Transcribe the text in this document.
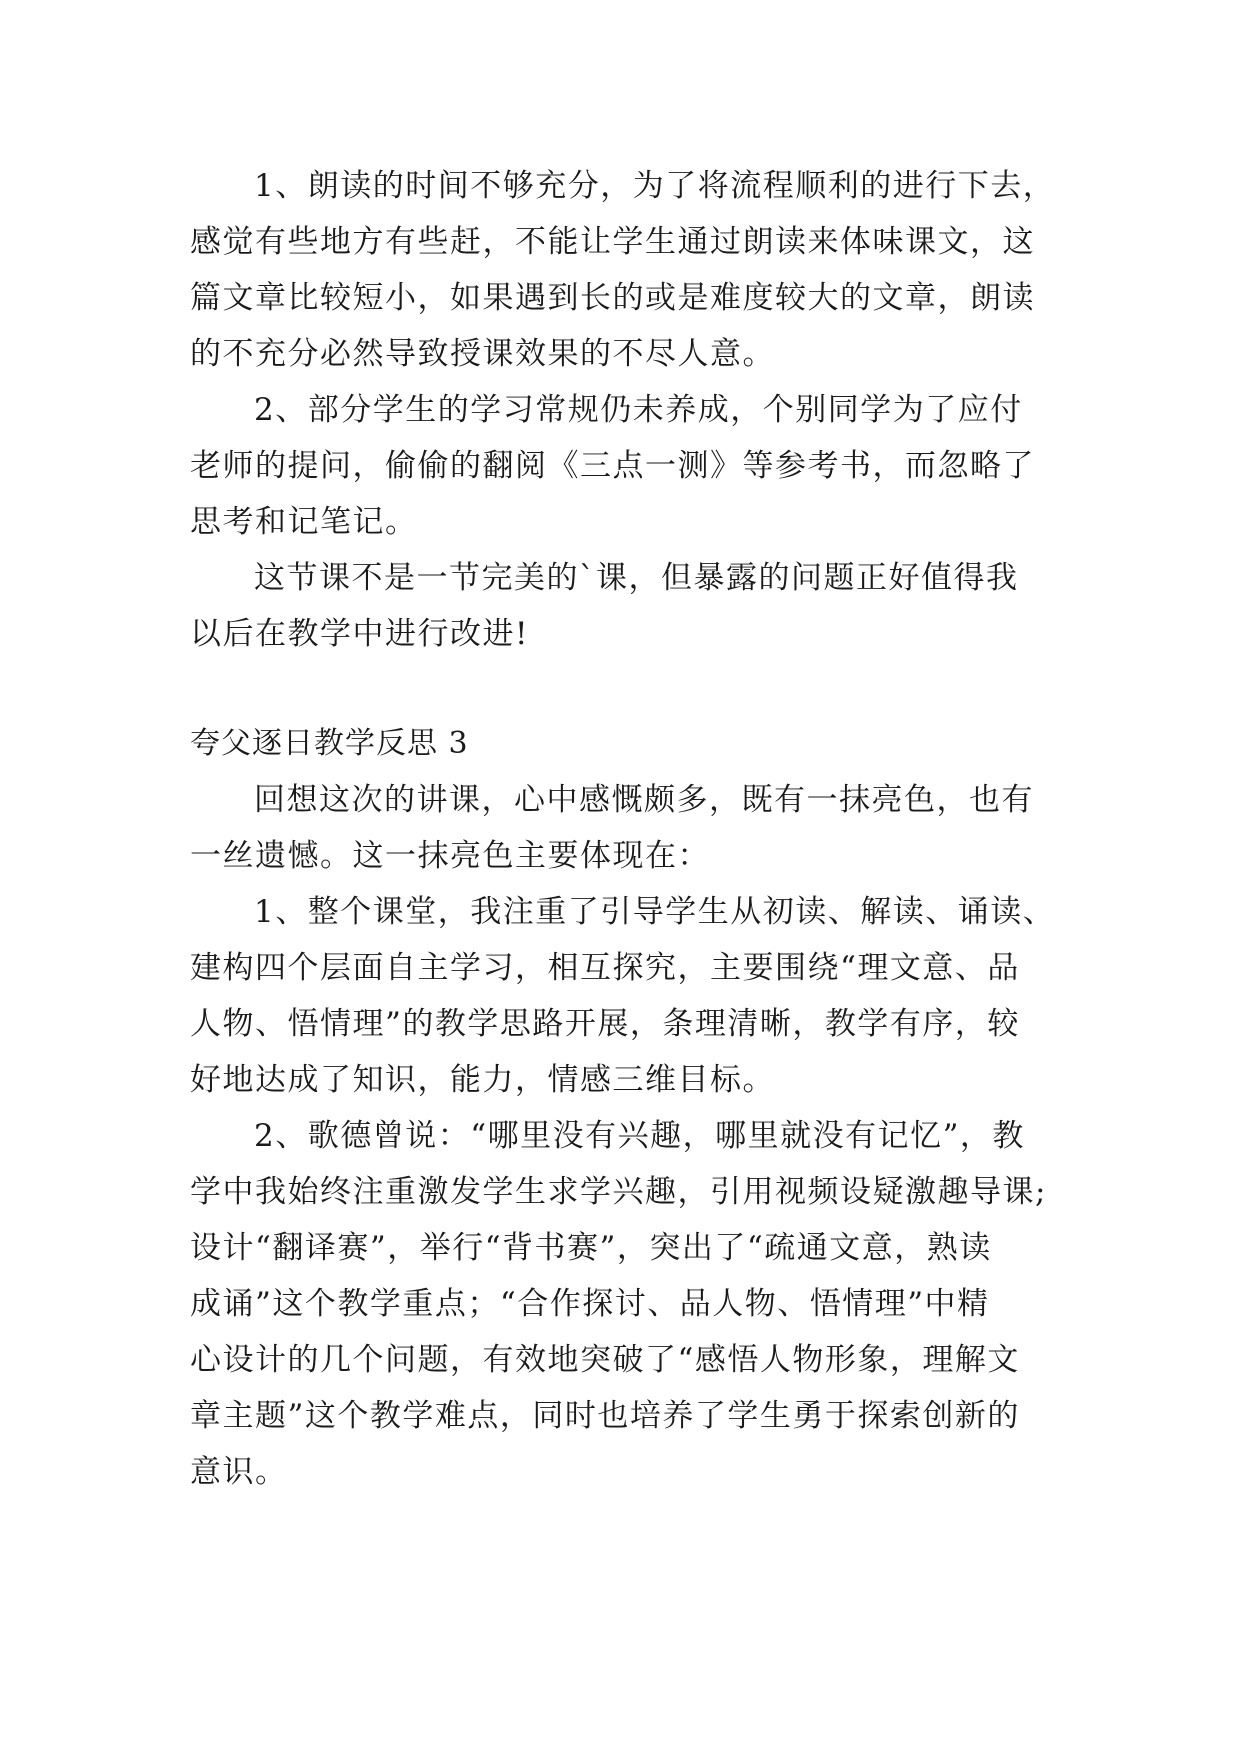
1、朗读的时间不够充分，为了将流程顺利的进行下去，
感觉有些地方有些赶，不能让学生通过朗读来体味课文，这
篇文章比较短小，如果遇到长的或是难度较大的文章，朗读
的不充分必然导致授课效果的不尽人意。
2、部分学生的学习常规仍未养成，个别同学为了应付
老师的提问，偷偷的翻阅《三点一测》等参考书，而忽略了
思考和记笔记。
这节课不是一节完美的`课，但暴露的问题正好值得我
以后在教学中进行改进!
夸父逐日教学反思 3
回想这次的讲课，心中感慨颇多，既有一抹亮色，也有
一丝遗憾。这一抹亮色主要体现在：
1、整个课堂，我注重了引导学生从初读、解读、诵读、
建构四个层面自主学习，相互探究，主要围绕“理文意、品
人物、悟情理”的教学思路开展，条理清晰，教学有序，较
好地达成了知识，能力，情感三维目标。
2、歌德曾说：“哪里没有兴趣，哪里就没有记忆”，教
学中我始终注重激发学生求学兴趣，引用视频设疑激趣导课;
设计“翻译赛”，举行“背书赛”，突出了“疏通文意，熟读
成诵”这个教学重点；“合作探讨、品人物、悟情理”中精
心设计的几个问题，有效地突破了“感悟人物形象，理解文
章主题”这个教学难点，同时也培养了学生勇于探索创新的
意识。
